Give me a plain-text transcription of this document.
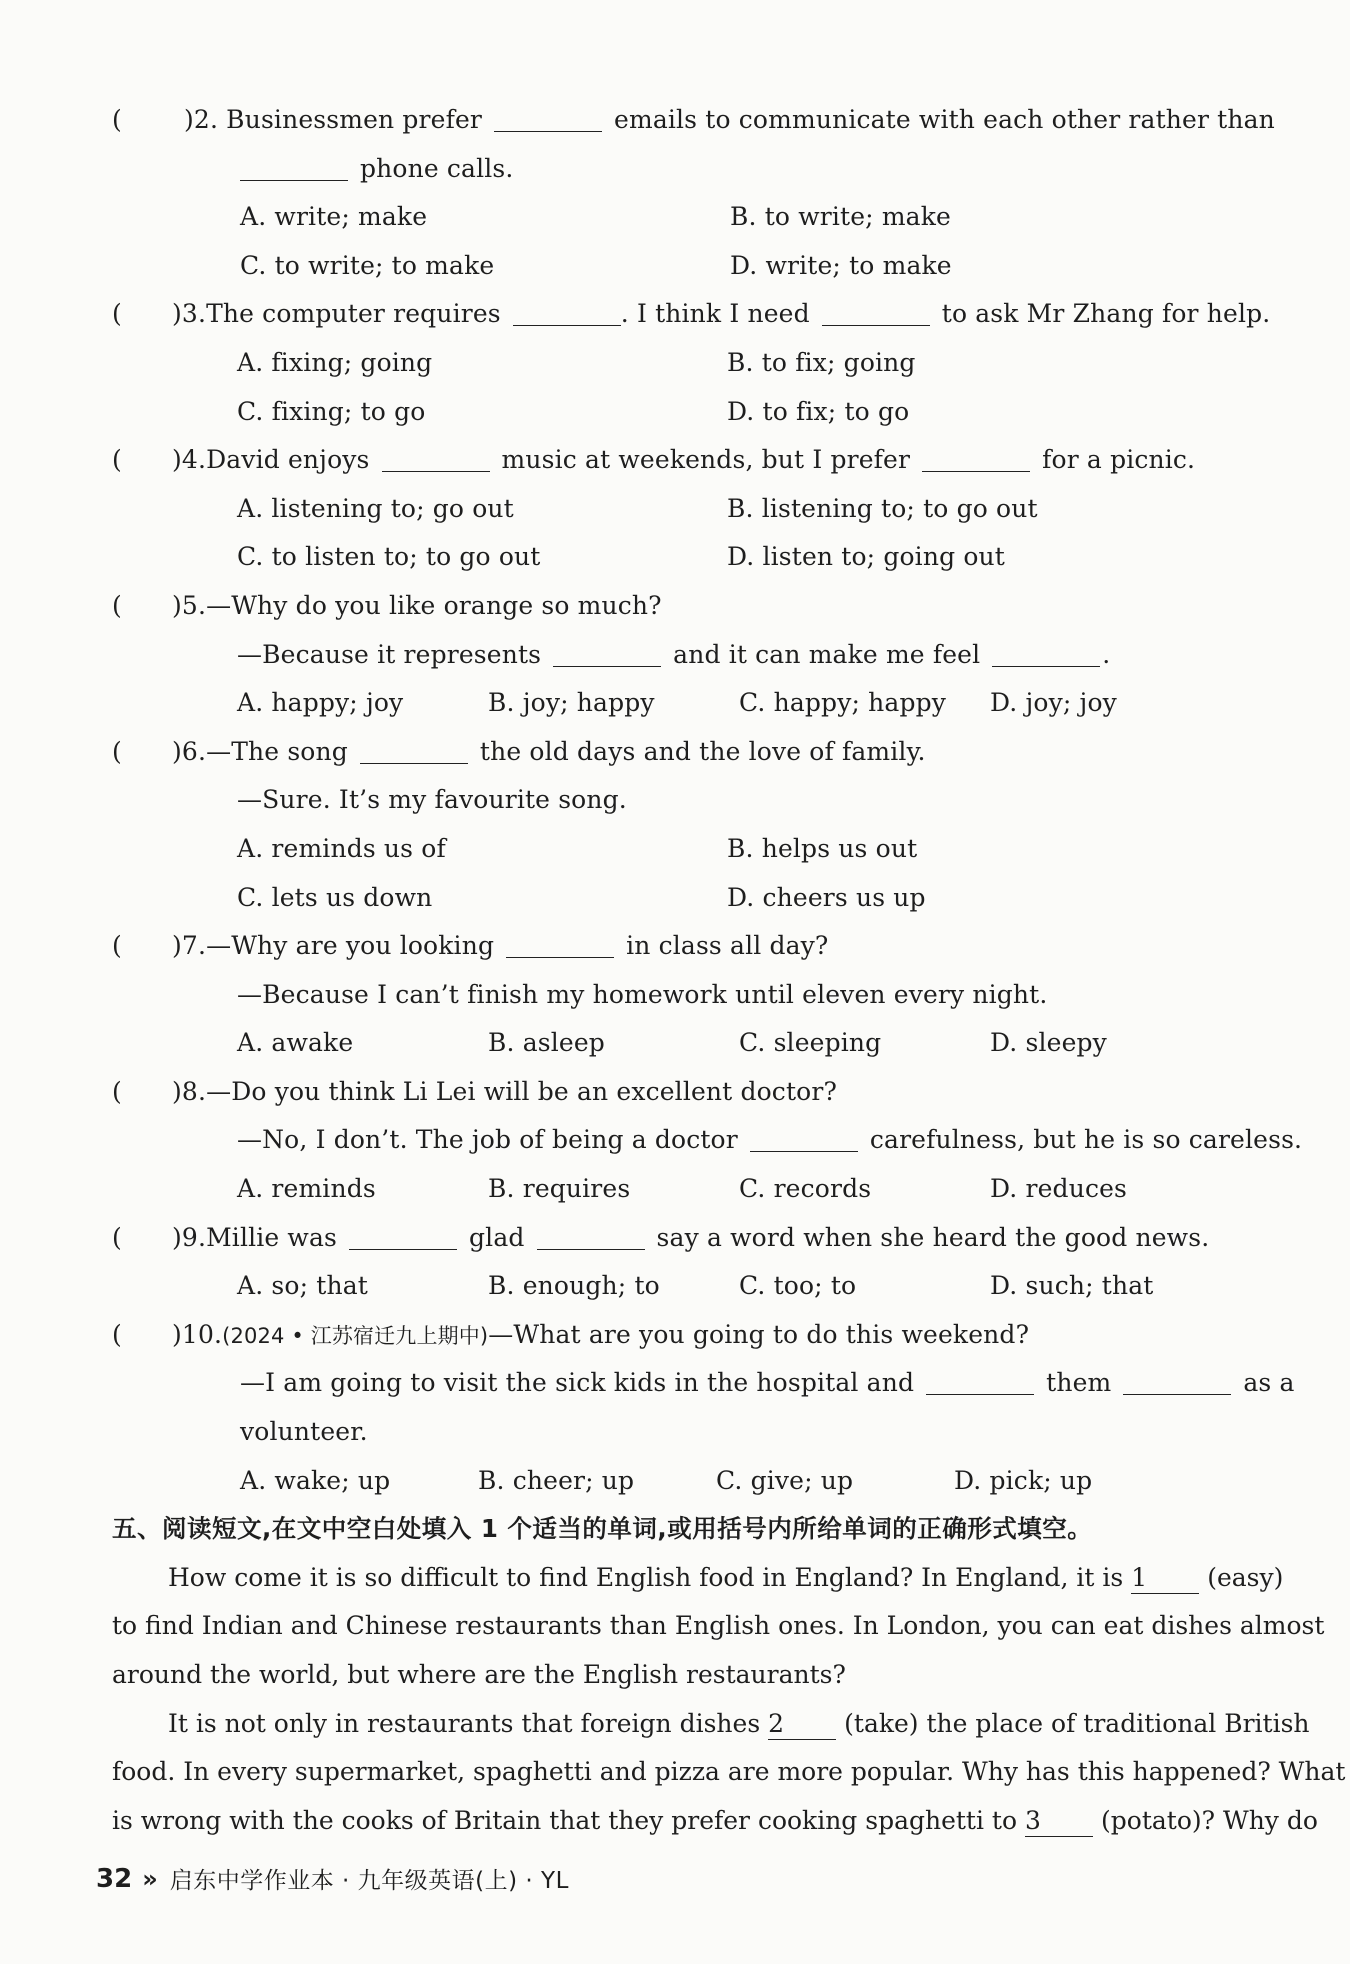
( )2. Businessmen prefer	emails to communicate with each other rather than
phone calls.
A. write; make	B. to write; make
C. to write; to make	D. write; to make
( )3.The computer requires	. I think I need	to ask Mr Zhang for help.
A. fixing; going	B. to fix; going
C. fixing; to go	D. to fix; to go
( )4.David enjoys	music at weekends, but I prefer	for a picnic.
A. listening to; go out	B. listening to; to go out
C. to listen to; to go out	D. listen to; going out
( )5.—Why do you like orange so much?
—Because it represents	and it can make me feel	.
A. happy; joy	B. joy; happy	C. happy; happy	D. joy; joy
( )6.—The song	the old days and the love of family.
—Sure. It’s my favourite song.
A. reminds us of	B. helps us out
C. lets us down	D. cheers us up
( )7.—Why are you looking	in class all day?
—Because I can’t finish my homework until eleven every night.
A. awake	B. asleep	C. sleeping	D. sleepy
( )8.—Do you think Li Lei will be an excellent doctor?
—No, I don’t. The job of being a doctor	carefulness, but he is so careless.
A. reminds	B. requires	C. records	D. reduces
( )9.Millie was	glad	say a word when she heard the good news.
A. so; that	B. enough; to	C. too; to	D. such; that
( )10.(2024 • 江苏宿迁九上期中)—What are you going to do this weekend?
—I am going to visit the sick kids in the hospital and	them	as a
volunteer.
A. wake; up	B. cheer; up	C. give; up	D. pick; up
五、阅读短文,在文中空白处填入 1 个适当的单词,或用括号内所给单词的正确形式填空。
How come it is so difficult to find English food in England? In England, it is 1 (easy)
to find Indian and Chinese restaurants than English ones. In London, you can eat dishes almost
around the world, but where are the English restaurants?
It is not only in restaurants that foreign dishes 2 (take) the place of traditional British
food. In every supermarket, spaghetti and pizza are more popular. Why has this happened? What
is wrong with the cooks of Britain that they prefer cooking spaghetti to 3 (potato)? Why do
32 » 启东中学作业本 · 九年级英语(上) · YL
